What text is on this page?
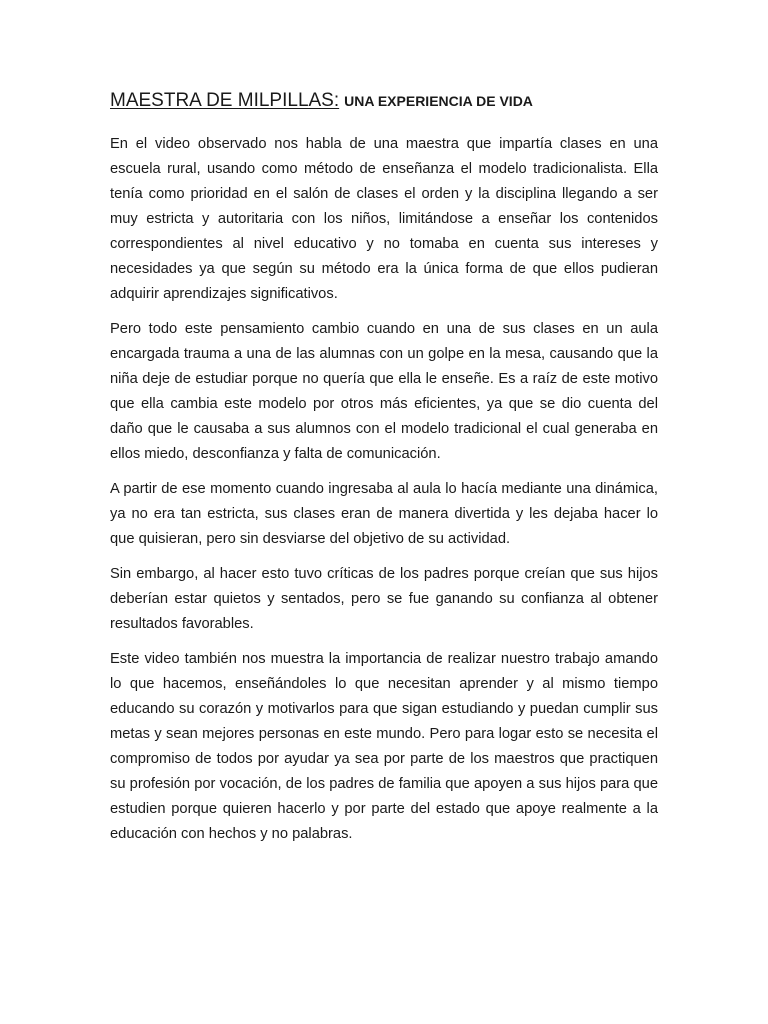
MAESTRA DE MILPILLAS: UNA EXPERIENCIA DE VIDA

En el video observado nos habla de una maestra que impartía clases en una escuela rural, usando como método de enseñanza el modelo tradicionalista. Ella tenía como prioridad en el salón de clases el orden y la disciplina llegando a ser muy estricta y autoritaria con los niños, limitándose a enseñar los contenidos correspondientes al nivel educativo y no tomaba en cuenta sus intereses y necesidades ya que según su método era la única forma de que ellos pudieran adquirir aprendizajes significativos.

Pero todo este pensamiento cambio cuando en una de sus clases en un aula encargada trauma a una de las alumnas con un golpe en la mesa, causando que la niña deje de estudiar porque no quería que ella le enseñe. Es a raíz de este motivo que ella cambia este modelo por otros más eficientes, ya que se dio cuenta del daño que le causaba a sus alumnos con el modelo tradicional el cual generaba en ellos miedo, desconfianza y falta de comunicación.

A partir de ese momento cuando ingresaba al aula lo hacía mediante una dinámica, ya no era tan estricta, sus clases eran de manera divertida y les dejaba hacer lo que quisieran, pero sin desviarse del objetivo de su actividad.

Sin embargo, al hacer esto tuvo críticas de los padres porque creían que sus hijos deberían estar quietos y sentados, pero se fue ganando su confianza al obtener resultados favorables.

Este video también nos muestra la importancia de realizar nuestro trabajo amando lo que hacemos, enseñándoles lo que necesitan aprender y al mismo tiempo educando su corazón y motivarlos para que sigan estudiando y puedan cumplir sus metas y sean mejores personas en este mundo. Pero para logar esto se necesita el compromiso de todos por ayudar ya sea por parte de los maestros que practiquen su profesión por vocación, de los padres de familia que apoyen a sus hijos para que estudien porque quieren hacerlo y por parte del estado que apoye realmente a la educación con hechos y no palabras.
